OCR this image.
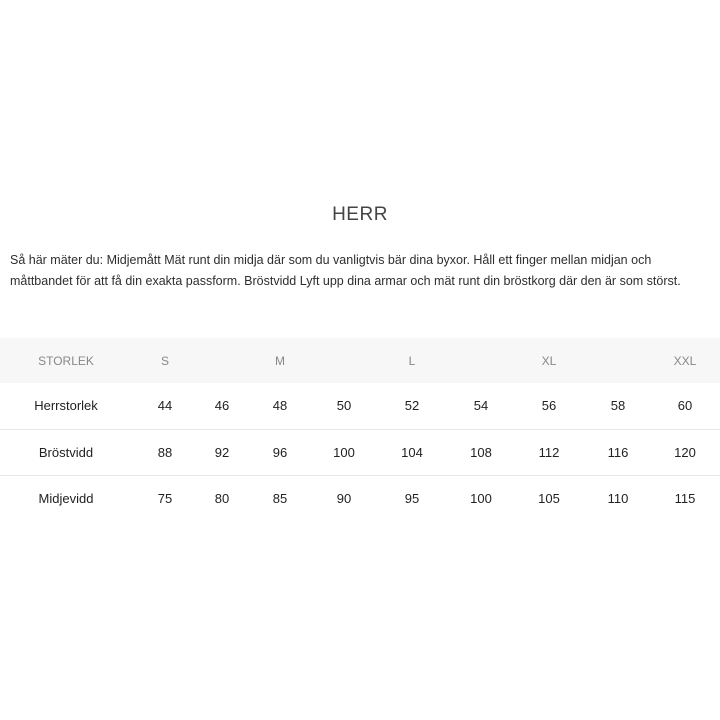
HERR

Så här mäter du: Midjemått Mät runt din midja där som du vanligtvis bär dina byxor. Håll ett finger mellan midjan och måttbandet för att få din exakta passform. Bröstvidd Lyft upp dina armar och mät runt din bröstkorg där den är som störst.

STORLEK	S		M		L		XL		XXL
Herrstorlek	44	46	48	50	52	54	56	58	60
Bröstvidd	88	92	96	100	104	108	112	116	120
Midjevidd	75	80	85	90	95	100	105	110	115
